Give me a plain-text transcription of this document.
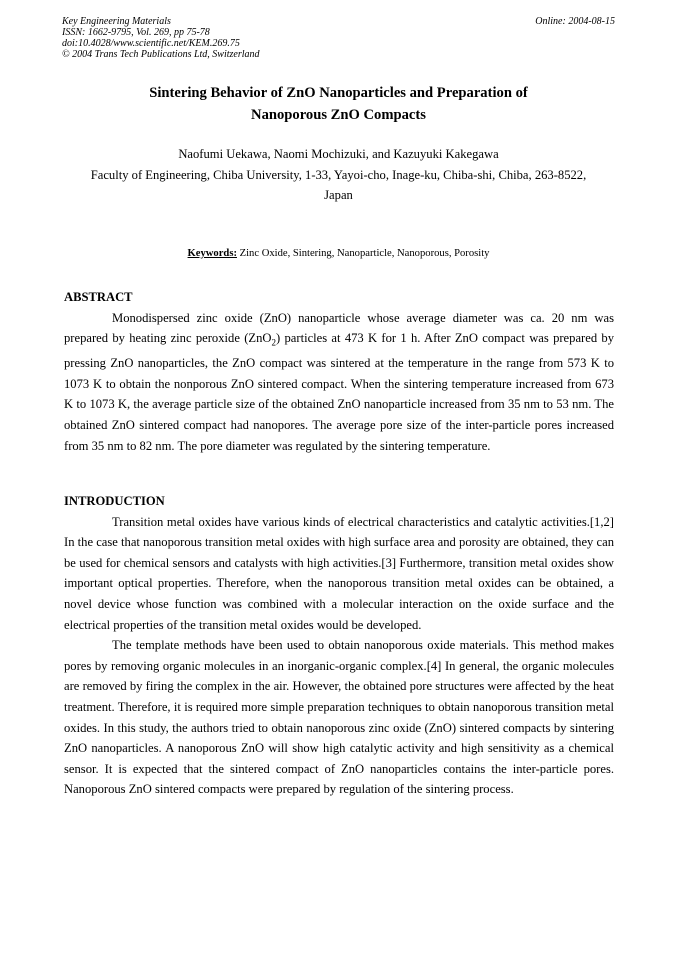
Key Engineering Materials
ISSN: 1662-9795, Vol. 269, pp 75-78
doi:10.4028/www.scientific.net/KEM.269.75
© 2004 Trans Tech Publications Ltd, Switzerland
Online: 2004-08-15
Sintering Behavior of ZnO Nanoparticles and Preparation of
Nanoporous ZnO Compacts
Naofumi Uekawa, Naomi Mochizuki, and Kazuyuki Kakegawa
Faculty of Engineering, Chiba University, 1-33, Yayoi-cho, Inage-ku, Chiba-shi, Chiba, 263-8522,
Japan
Keywords: Zinc Oxide, Sintering, Nanoparticle, Nanoporous, Porosity
ABSTRACT

Monodispersed zinc oxide (ZnO) nanoparticle whose average diameter was ca. 20 nm was prepared by heating zinc peroxide (ZnO$_2$) particles at 473 K for 1 h. After ZnO compact was prepared by pressing ZnO nanoparticles, the ZnO compact was sintered at the temperature in the range from 573 K to 1073 K to obtain the nonporous ZnO sintered compact. When the sintering temperature increased from 673 K to 1073 K, the average particle size of the obtained ZnO nanoparticle increased from 35 nm to 53 nm. The obtained ZnO sintered compact had nanopores. The average pore size of the inter-particle pores increased from 35 nm to 82 nm. The pore diameter was regulated by the sintering temperature.

INTRODUCTION

Transition metal oxides have various kinds of electrical characteristics and catalytic activities.[1,2] In the case that nanoporous transition metal oxides with high surface area and porosity are obtained, they can be used for chemical sensors and catalysts with high activities.[3] Furthermore, transition metal oxides show important optical properties. Therefore, when the nanoporous transition metal oxides can be obtained, a novel device whose function was combined with a molecular interaction on the oxide surface and the electrical properties of the transition metal oxides would be developed.

The template methods have been used to obtain nanoporous oxide materials. This method makes pores by removing organic molecules in an inorganic-organic complex.[4] In general, the organic molecules are removed by firing the complex in the air. However, the obtained pore structures were affected by the heat treatment. Therefore, it is required more simple preparation techniques to obtain nanoporous transition metal oxides. In this study, the authors tried to obtain nanoporous zinc oxide (ZnO) sintered compacts by sintering ZnO nanoparticles. A nanoporous ZnO will show high catalytic activity and high sensitivity as a chemical sensor. It is expected that the sintered compact of ZnO nanoparticles contains the inter-particle pores. Nanoporous ZnO sintered compacts were prepared by regulation of the sintering process.
